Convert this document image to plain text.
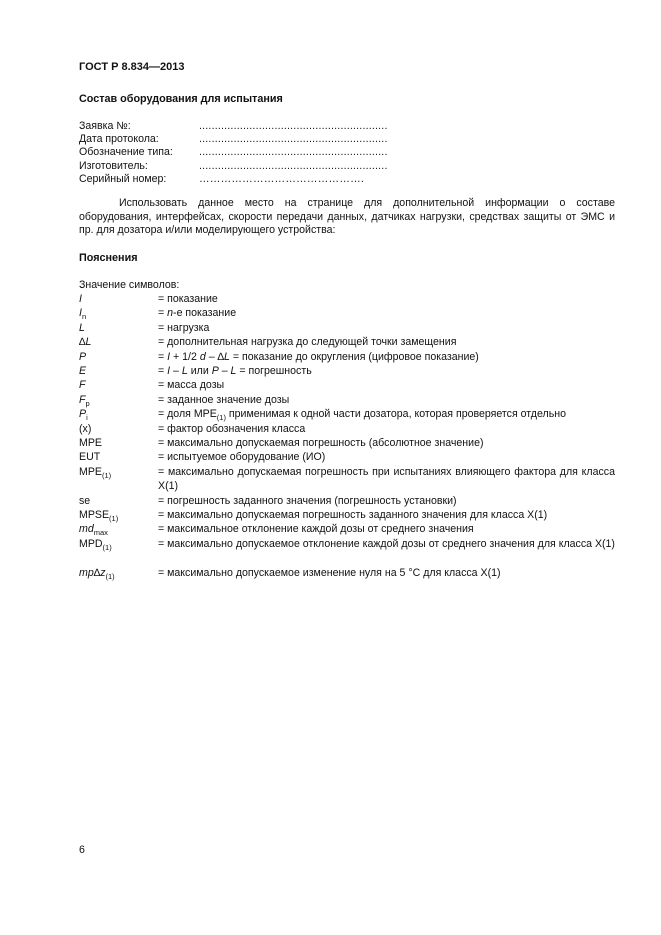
ГОСТ Р 8.834—2013
Состав оборудования для испытания
Заявка №:	............................................................
Дата протокола:	............................................................
Обозначение типа: ............................................................
Изготовитель:	............................................................
Серийный номер:	……………………………………….
Использовать данное место на странице для дополнительной информации о составе оборудования, интерфейсах, скорости передачи данных, датчиках нагрузки, средствах защиты от ЭМС и пр. для дозатора и/или моделирующего устройства:
Пояснения
Значение символов:
I	= показание
$I_n$	= n-е показание
L	= нагрузка
∆L	= дополнительная нагрузка до следующей точки замещения
P	= I + 1/2 d – ∆L = показание до округления (цифровое показание)
E	= I – L или P – L = погрешность
F	= масса дозы
$F_p$	= заданное значение дозы
$P_i$	= доля $MPE_{(1)}$ применимая к одной части дозатора, которая проверяется отдельно
(x)	= фактор обозначения класса
MPE	= максимально допускаемая погрешность (абсолютное значение)
EUT	= испытуемое оборудование (ИО)
$MPE_{(1)}$	= максимально допускаемая погрешность при испытаниях влияющего фактора для класса X(1)
se	= погрешность заданного значения (погрешность установки)
$MPSE_{(1)}$	= максимально допускаемая погрешность заданного значения для класса X(1)
$md_{max}$	= максимальное отклонение каждой дозы от среднего значения
$MPD_{(1)}$	= максимально допускаемое отклонение каждой дозы от среднего значения для класса X(1)
$mp\Delta z_{(1)}$	= максимально допускаемое изменение нуля на 5 °С для класса X(1)
6
